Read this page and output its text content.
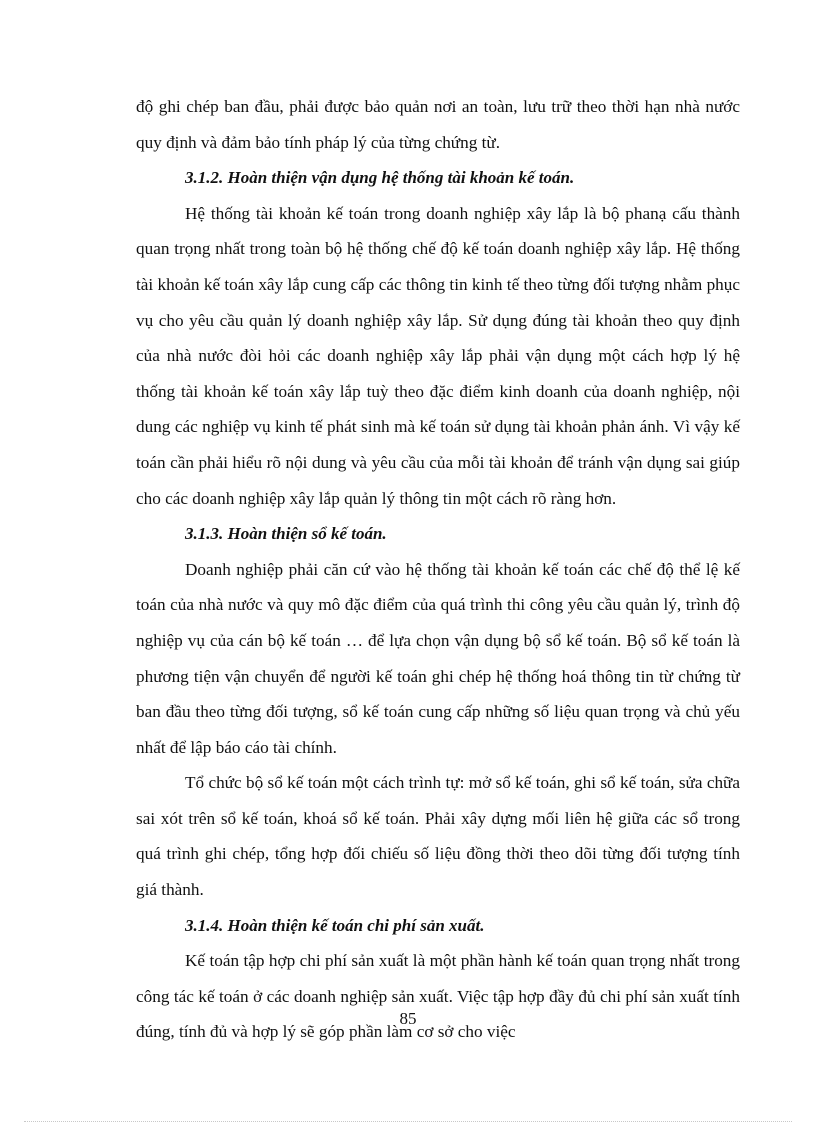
độ ghi chép ban đầu, phải được bảo quản nơi an toàn, lưu trữ theo thời hạn nhà nước quy định và đảm bảo tính pháp lý của từng chứng từ.

3.1.2. Hoàn thiện vận dụng hệ thống tài khoản kế toán.

Hệ thống tài khoản kế toán trong doanh nghiệp xây lắp là bộ phanạ cấu thành quan trọng nhất trong toàn bộ hệ thống chế độ kế toán doanh nghiệp xây lắp. Hệ thống tài khoản kế toán xây lắp cung cấp các thông tin kinh tế theo từng đối tượng nhằm phục vụ cho yêu cầu quản lý doanh nghiệp xây lắp. Sử dụng đúng tài khoản theo quy định của nhà nước đòi hỏi các doanh nghiệp xây lắp phải vận dụng một cách hợp lý hệ thống tài khoản kế toán xây lắp tuỳ theo đặc điểm kinh doanh của doanh nghiệp, nội dung các nghiệp vụ kinh tế phát sinh mà kế toán sử dụng tài khoản phản ánh. Vì vậy kế toán cần phải hiểu rõ nội dung và yêu cầu của mỗi tài khoản để tránh vận dụng sai giúp cho các doanh nghiệp xây lắp quản lý thông tin một cách rõ ràng hơn.

3.1.3. Hoàn thiện sổ kế toán.

Doanh nghiệp phải căn cứ vào hệ thống tài khoản kế toán các chế độ thể lệ kế toán của nhà nước và quy mô đặc điểm của quá trình thi công yêu cầu quản lý, trình độ nghiệp vụ của cán bộ kế toán … để lựa chọn vận dụng bộ sổ kế toán. Bộ sổ kế toán là phương tiện vận chuyển để người kế toán ghi chép hệ thống hoá thông tin từ chứng từ ban đầu theo từng đối tượng, sổ kế toán cung cấp những số liệu quan trọng và chủ yếu nhất để lập báo cáo tài chính.

Tổ chức bộ sổ kế toán một cách trình tự: mở sổ kế toán, ghi sổ kế toán, sửa chữa sai xót trên sổ kế toán, khoá sổ kế toán. Phải xây dựng mối liên hệ giữa các sổ trong quá trình ghi chép, tổng hợp đối chiếu số liệu đồng thời theo dõi từng đối tượng tính giá thành.

3.1.4. Hoàn thiện kế toán chi phí sản xuất.

Kế toán tập hợp chi phí sản xuất là một phần hành kế toán quan trọng nhất trong công tác kế toán ở các doanh nghiệp sản xuất. Việc tập hợp đầy đủ chi phí sản xuất tính đúng, tính đủ và hợp lý sẽ góp phần làm cơ sở cho việc

85
